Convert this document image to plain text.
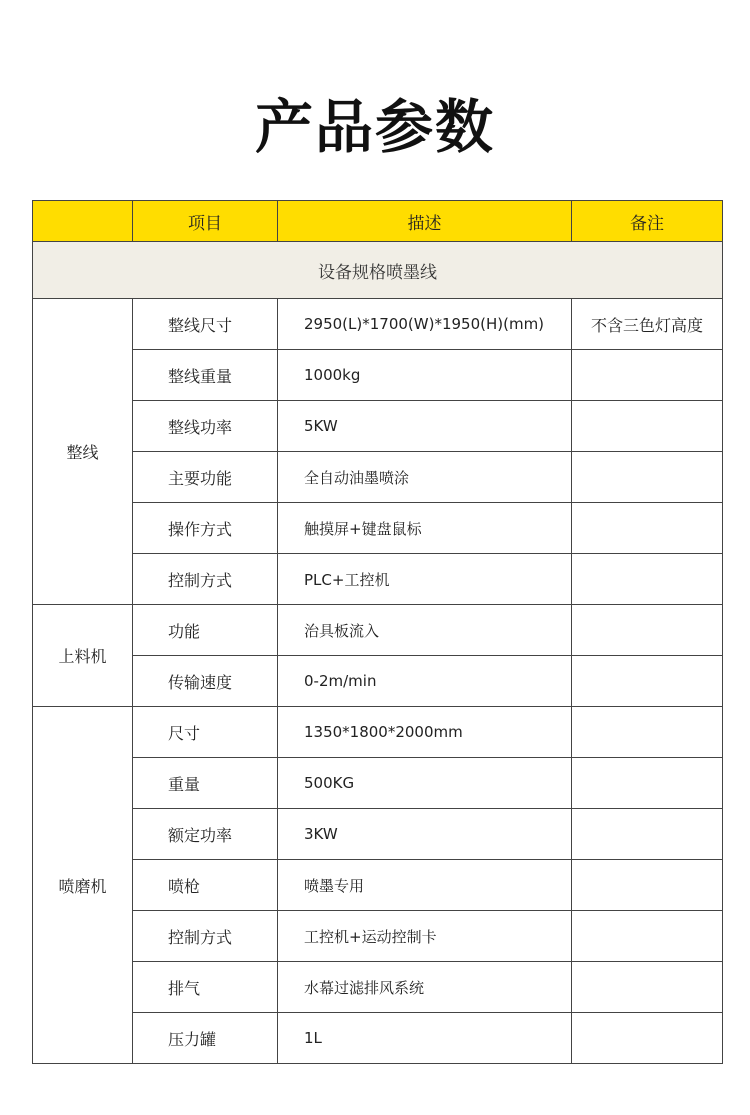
产品参数
	项目	描述	备注
设备规格喷墨线			
整线	整线尺寸	2950(L)*1700(W)*1950(H)(mm)	不含三色灯高度
	整线重量	1000kg	
	整线功率	5KW	
	主要功能	全自动油墨喷涂	
	操作方式	触摸屏+键盘鼠标	
	控制方式	PLC+工控机	
上料机	功能	治具板流入	
	传输速度	0-2m/min	
喷磨机	尺寸	1350*1800*2000mm	
	重量	500KG	
	额定功率	3KW	
	喷枪	喷墨专用	
	控制方式	工控机+运动控制卡	
	排气	水幕过滤排风系统	
	压力罐	1L	
